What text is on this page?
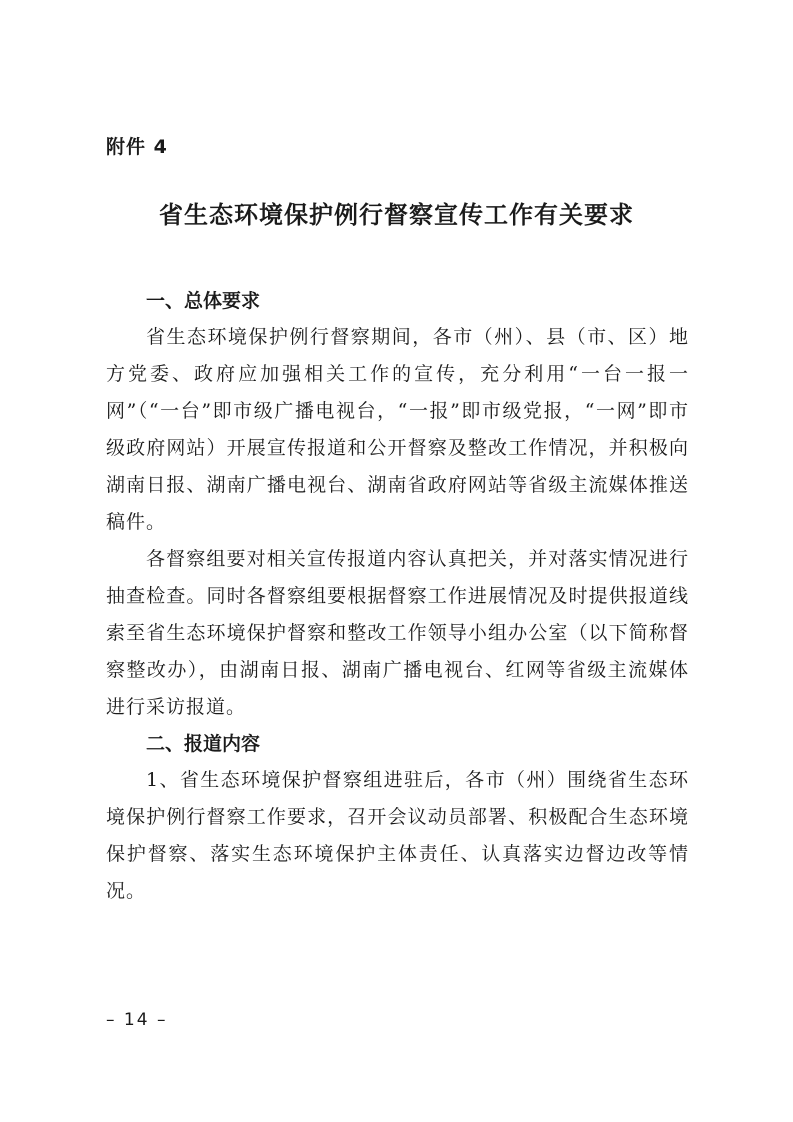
附件 4
省生态环境保护例行督察宣传工作有关要求
一、总体要求

省生态环境保护例行督察期间，各市（州）、县（市、区）地方党委、政府应加强相关工作的宣传，充分利用“一台一报一网”（“一台”即市级广播电视台，“一报”即市级党报，“一网”即市级政府网站）开展宣传报道和公开督察及整改工作情况，并积极向湖南日报、湖南广播电视台、湖南省政府网站等省级主流媒体推送稿件。

各督察组要对相关宣传报道内容认真把关，并对落实情况进行抽查检查。同时各督察组要根据督察工作进展情况及时提供报道线索至省生态环境保护督察和整改工作领导小组办公室（以下简称督察整改办），由湖南日报、湖南广播电视台、红网等省级主流媒体进行采访报道。

二、报道内容

1、省生态环境保护督察组进驻后，各市（州）围绕省生态环境保护例行督察工作要求，召开会议动员部署、积极配合生态环境保护督察、落实生态环境保护主体责任、认真落实边督边改等情况。

– 14 –
